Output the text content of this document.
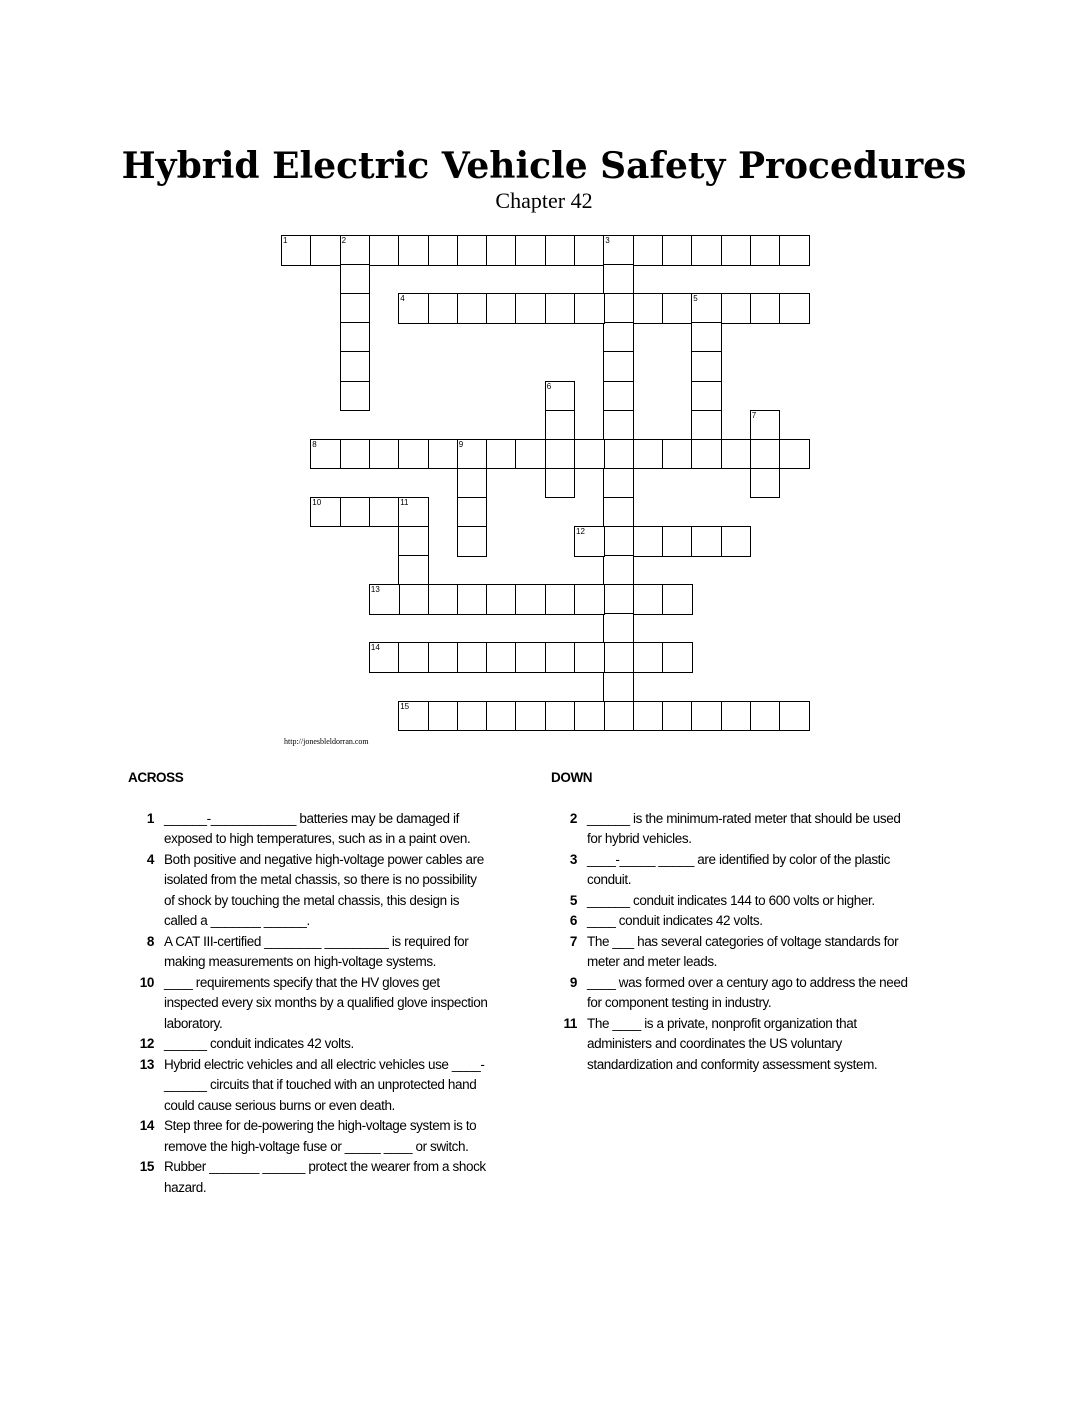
Hybrid Electric Vehicle Safety Procedures
Chapter 42
1	2	3
4	5
6
7
8	9
10	11
12
13
14
15
http://jonesbleldorran.com
ACROSS
1 ______-____________ batteries may be damaged if exposed to high temperatures, such as in a paint oven.
4 Both positive and negative high-voltage power cables are isolated from the metal chassis, so there is no possibility of shock by touching the metal chassis, this design is called a _______ ______.
8 A CAT III-certified ________ _________ is required for making measurements on high-voltage systems.
10 ____ requirements specify that the HV gloves get inspected every six months by a qualified glove inspection laboratory.
12 ______ conduit indicates 42 volts.
13 Hybrid electric vehicles and all electric vehicles use ____-______ circuits that if touched with an unprotected hand could cause serious burns or even death.
14 Step three for de-powering the high-voltage system is to remove the high-voltage fuse or _____ ____ or switch.
15 Rubber _______ ______ protect the wearer from a shock hazard.
DOWN
2 ______ is the minimum-rated meter that should be used for hybrid vehicles.
3 ____-_____ _____ are identified by color of the plastic conduit.
5 ______ conduit indicates 144 to 600 volts or higher.
6 ____ conduit indicates 42 volts.
7 The ___ has several categories of voltage standards for meter and meter leads.
9 ____ was formed over a century ago to address the need for component testing in industry.
11 The ____ is a private, nonprofit organization that administers and coordinates the US voluntary standardization and conformity assessment system.
